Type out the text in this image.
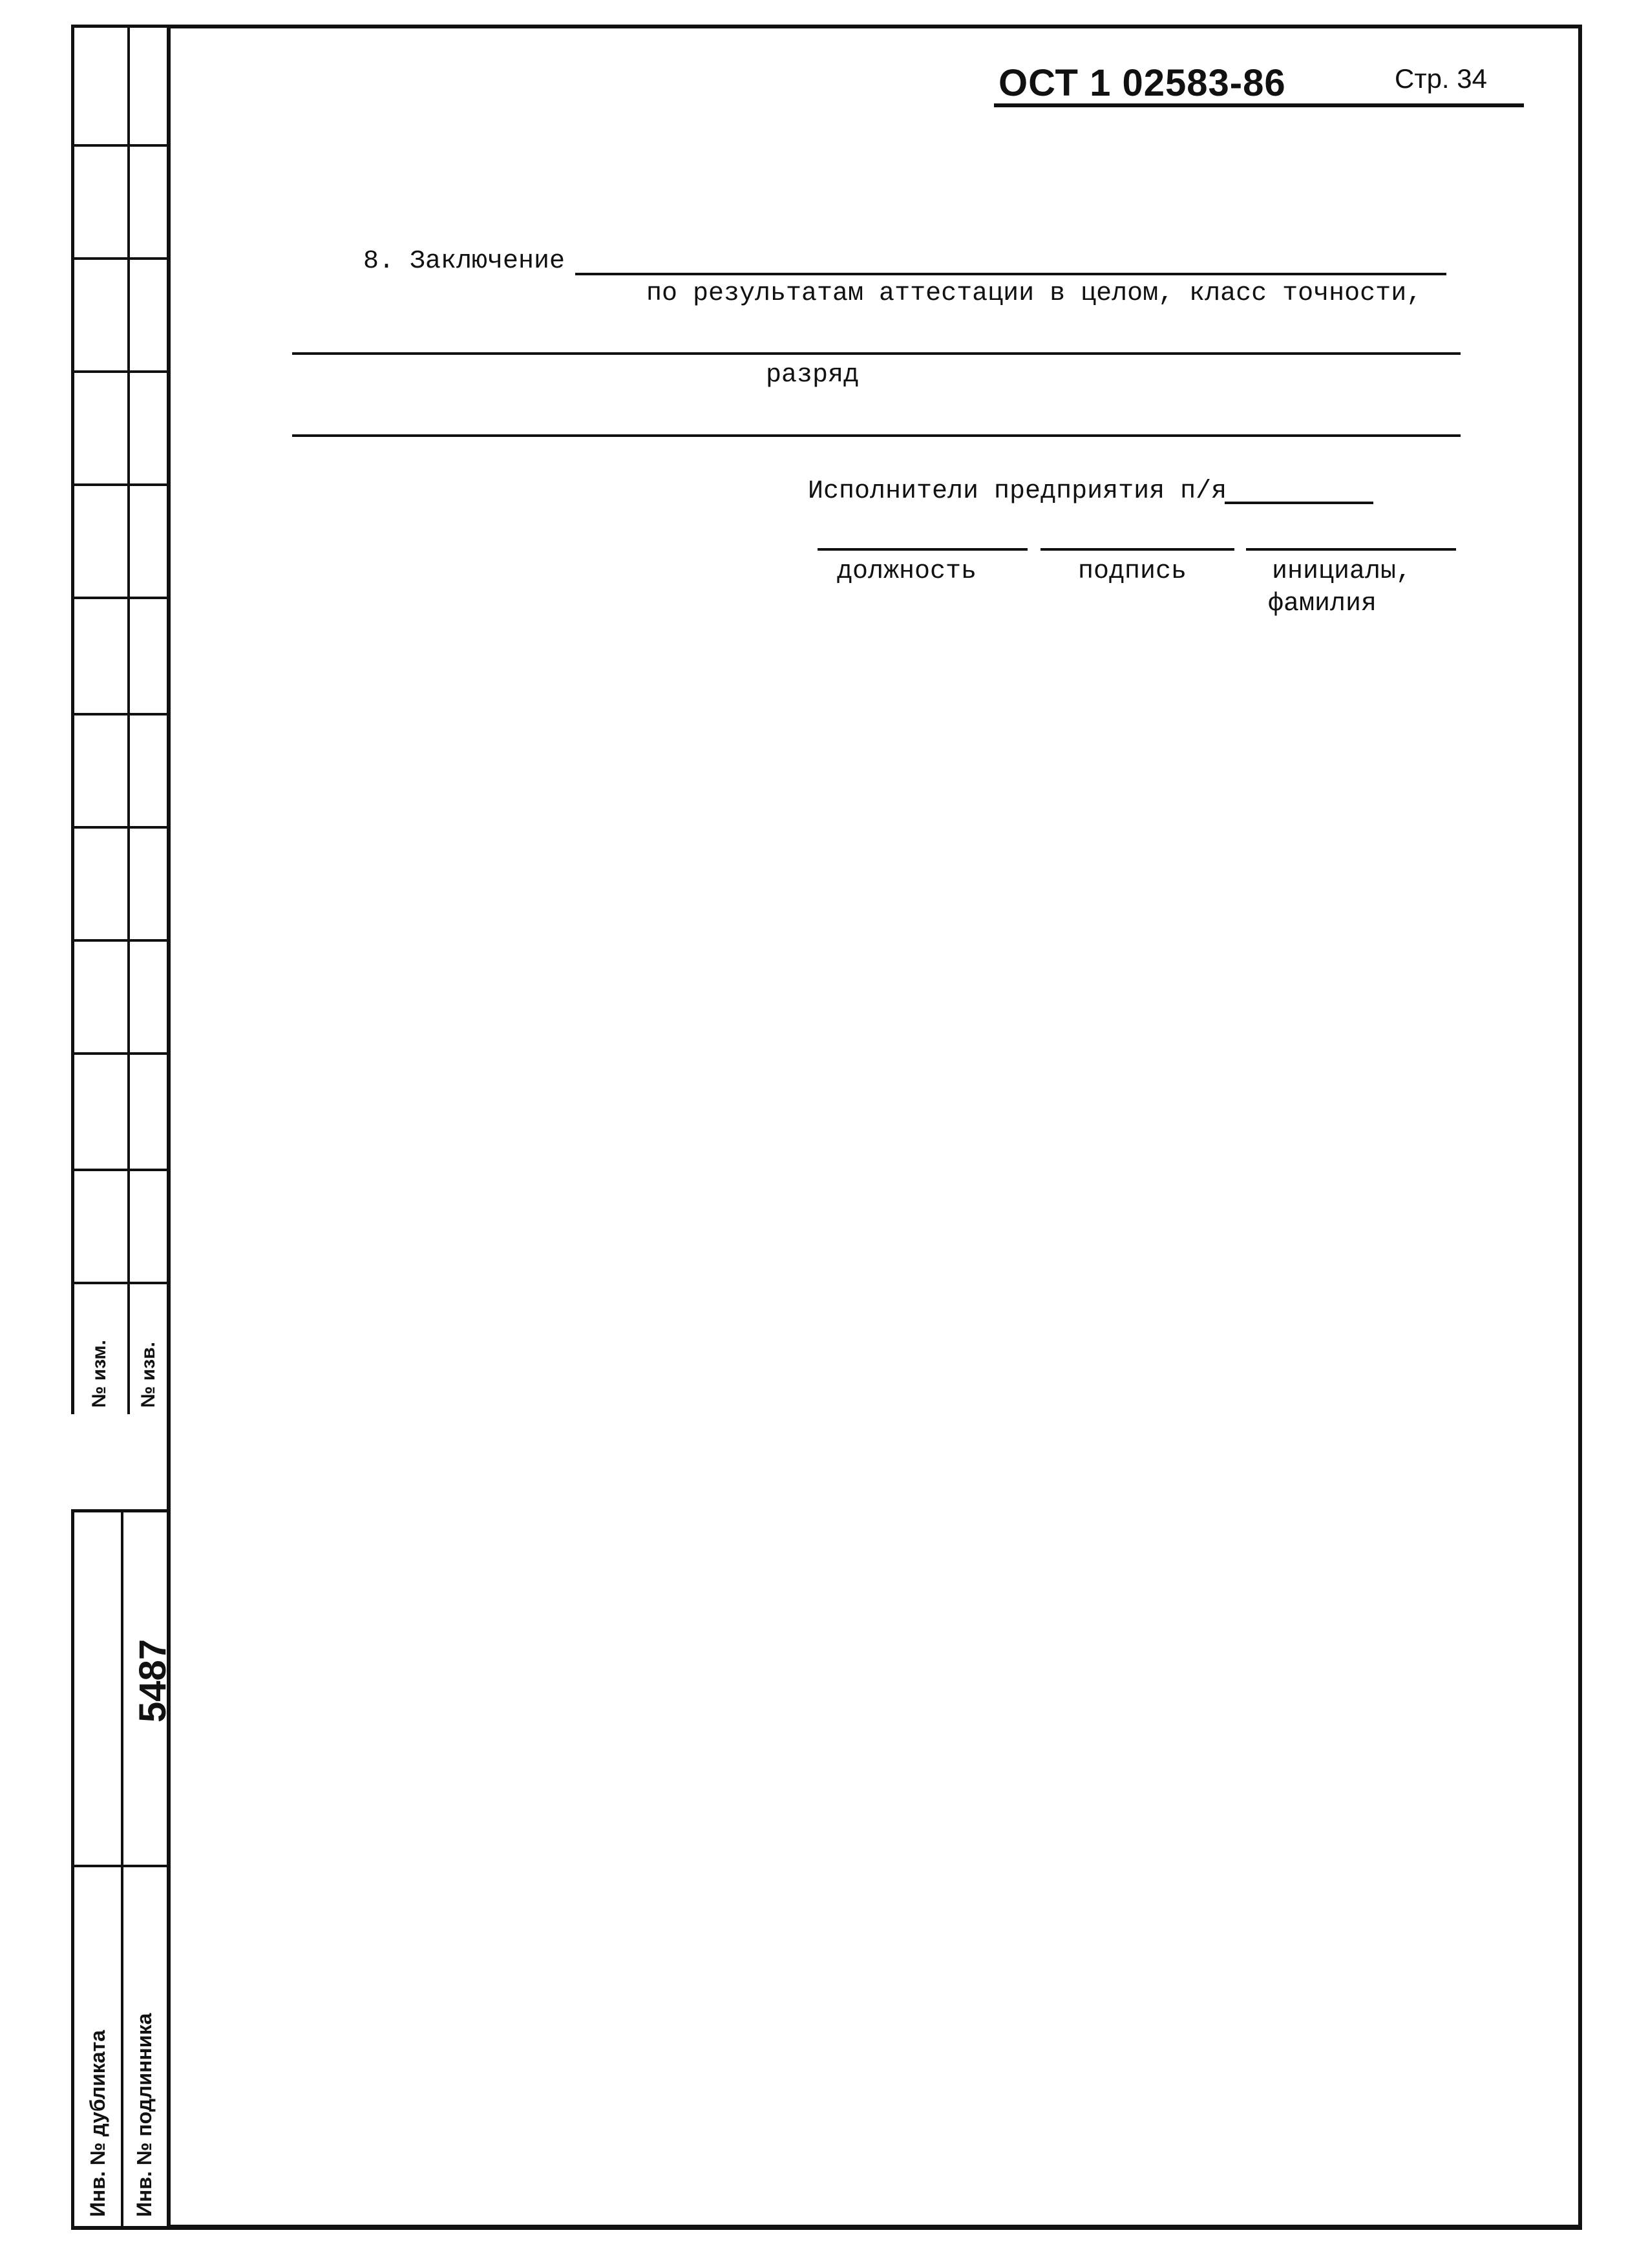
№ изм. № изв.
Инв. № дубликата Инв. № подлинника
5487
ОСТ 1 02583-86	Стр. 34
8. Заключение
по результатам аттестации в целом, класс точности,
разряд
Исполнители предприятия п/я
должность	подпись	инициалы,
фамилия
